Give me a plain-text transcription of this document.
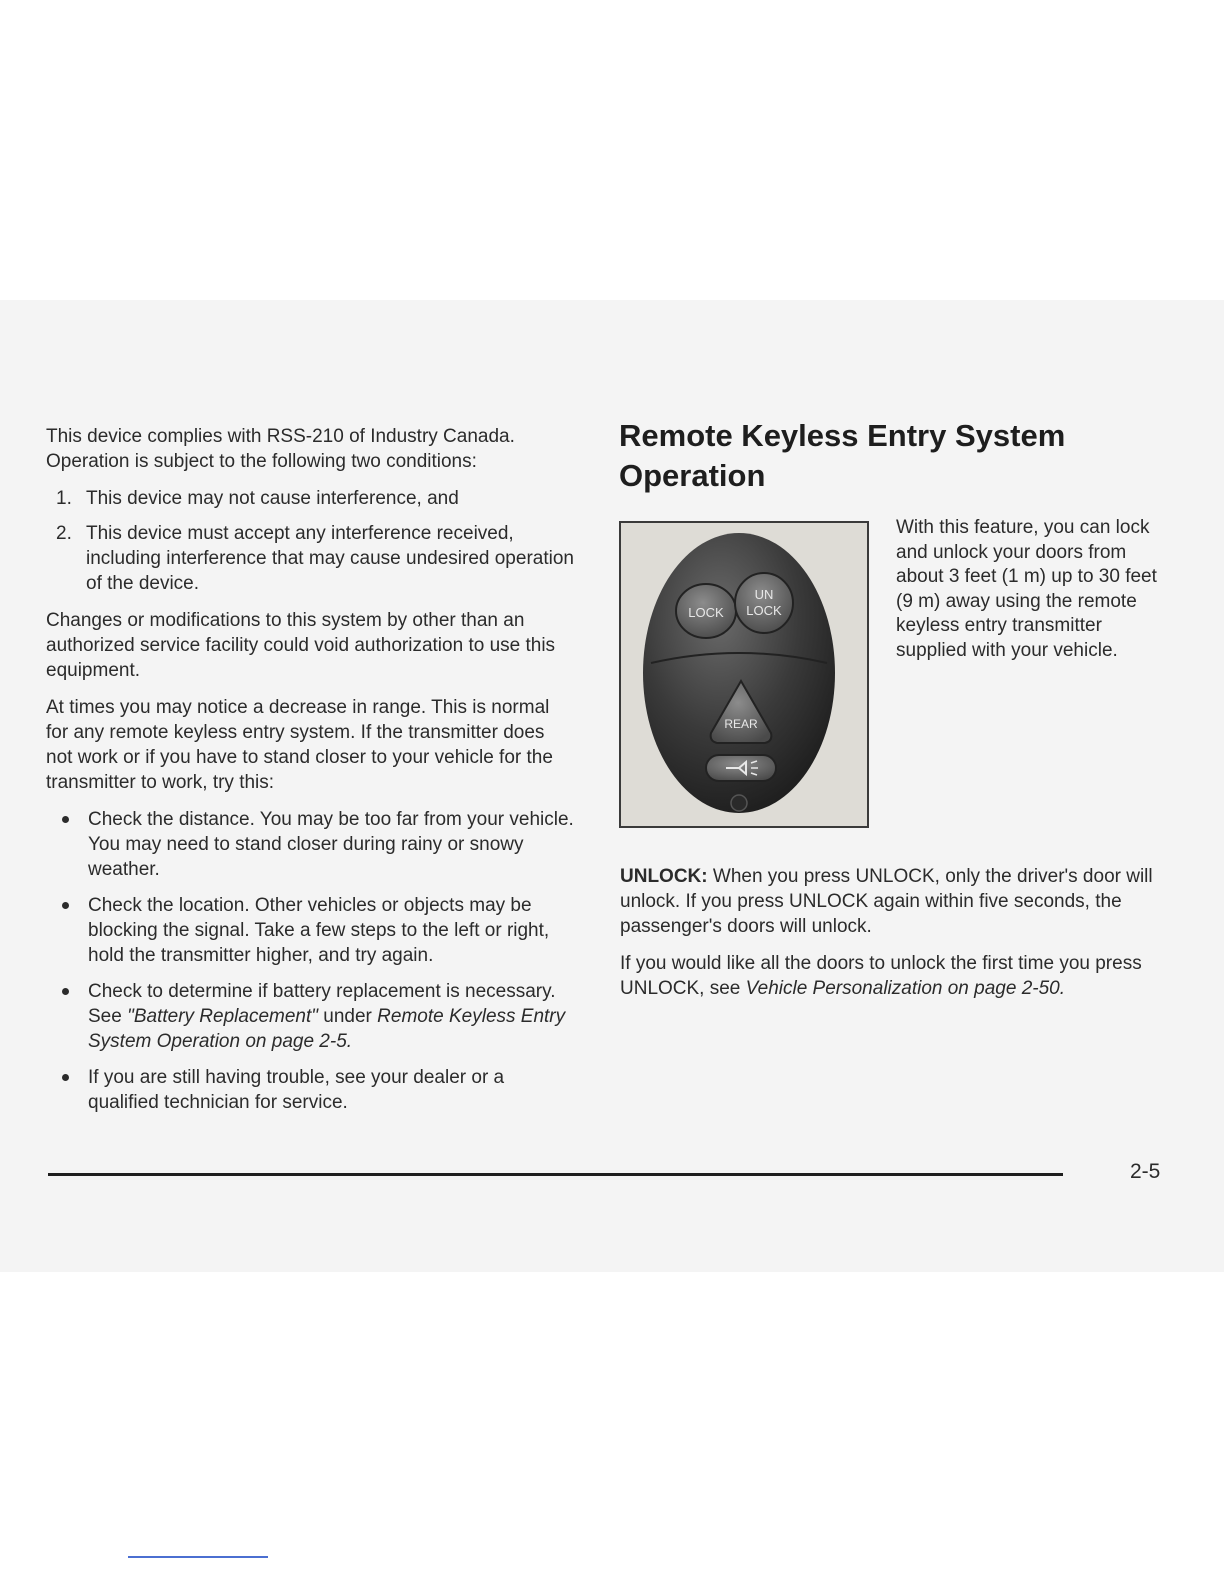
This device complies with RSS-210 of Industry Canada. Operation is subject to the following two conditions:

1. This device may not cause interference, and
2. This device must accept any interference received, including interference that may cause undesired operation of the device.

Changes or modifications to this system by other than an authorized service facility could void authorization to use this equipment.

At times you may notice a decrease in range. This is normal for any remote keyless entry system. If the transmitter does not work or if you have to stand closer to your vehicle for the transmitter to work, try this:

Check the distance. You may be too far from your vehicle. You may need to stand closer during rainy or snowy weather.
Check the location. Other vehicles or objects may be blocking the signal. Take a few steps to the left or right, hold the transmitter higher, and try again.
Check to determine if battery replacement is necessary. See "Battery Replacement" under Remote Keyless Entry System Operation on page 2-5.
If you are still having trouble, see your dealer or a qualified technician for service.
Remote Keyless Entry System Operation
LOCK
UN
LOCK
REAR

With this feature, you can lock and unlock your doors from about 3 feet (1 m) up to 30 feet (9 m) away using the remote keyless entry transmitter supplied with your vehicle.

UNLOCK: When you press UNLOCK, only the driver's door will unlock. If you press UNLOCK again within five seconds, the passenger's doors will unlock.

If you would like all the doors to unlock the first time you press UNLOCK, see Vehicle Personalization on page 2-50.

2-5
